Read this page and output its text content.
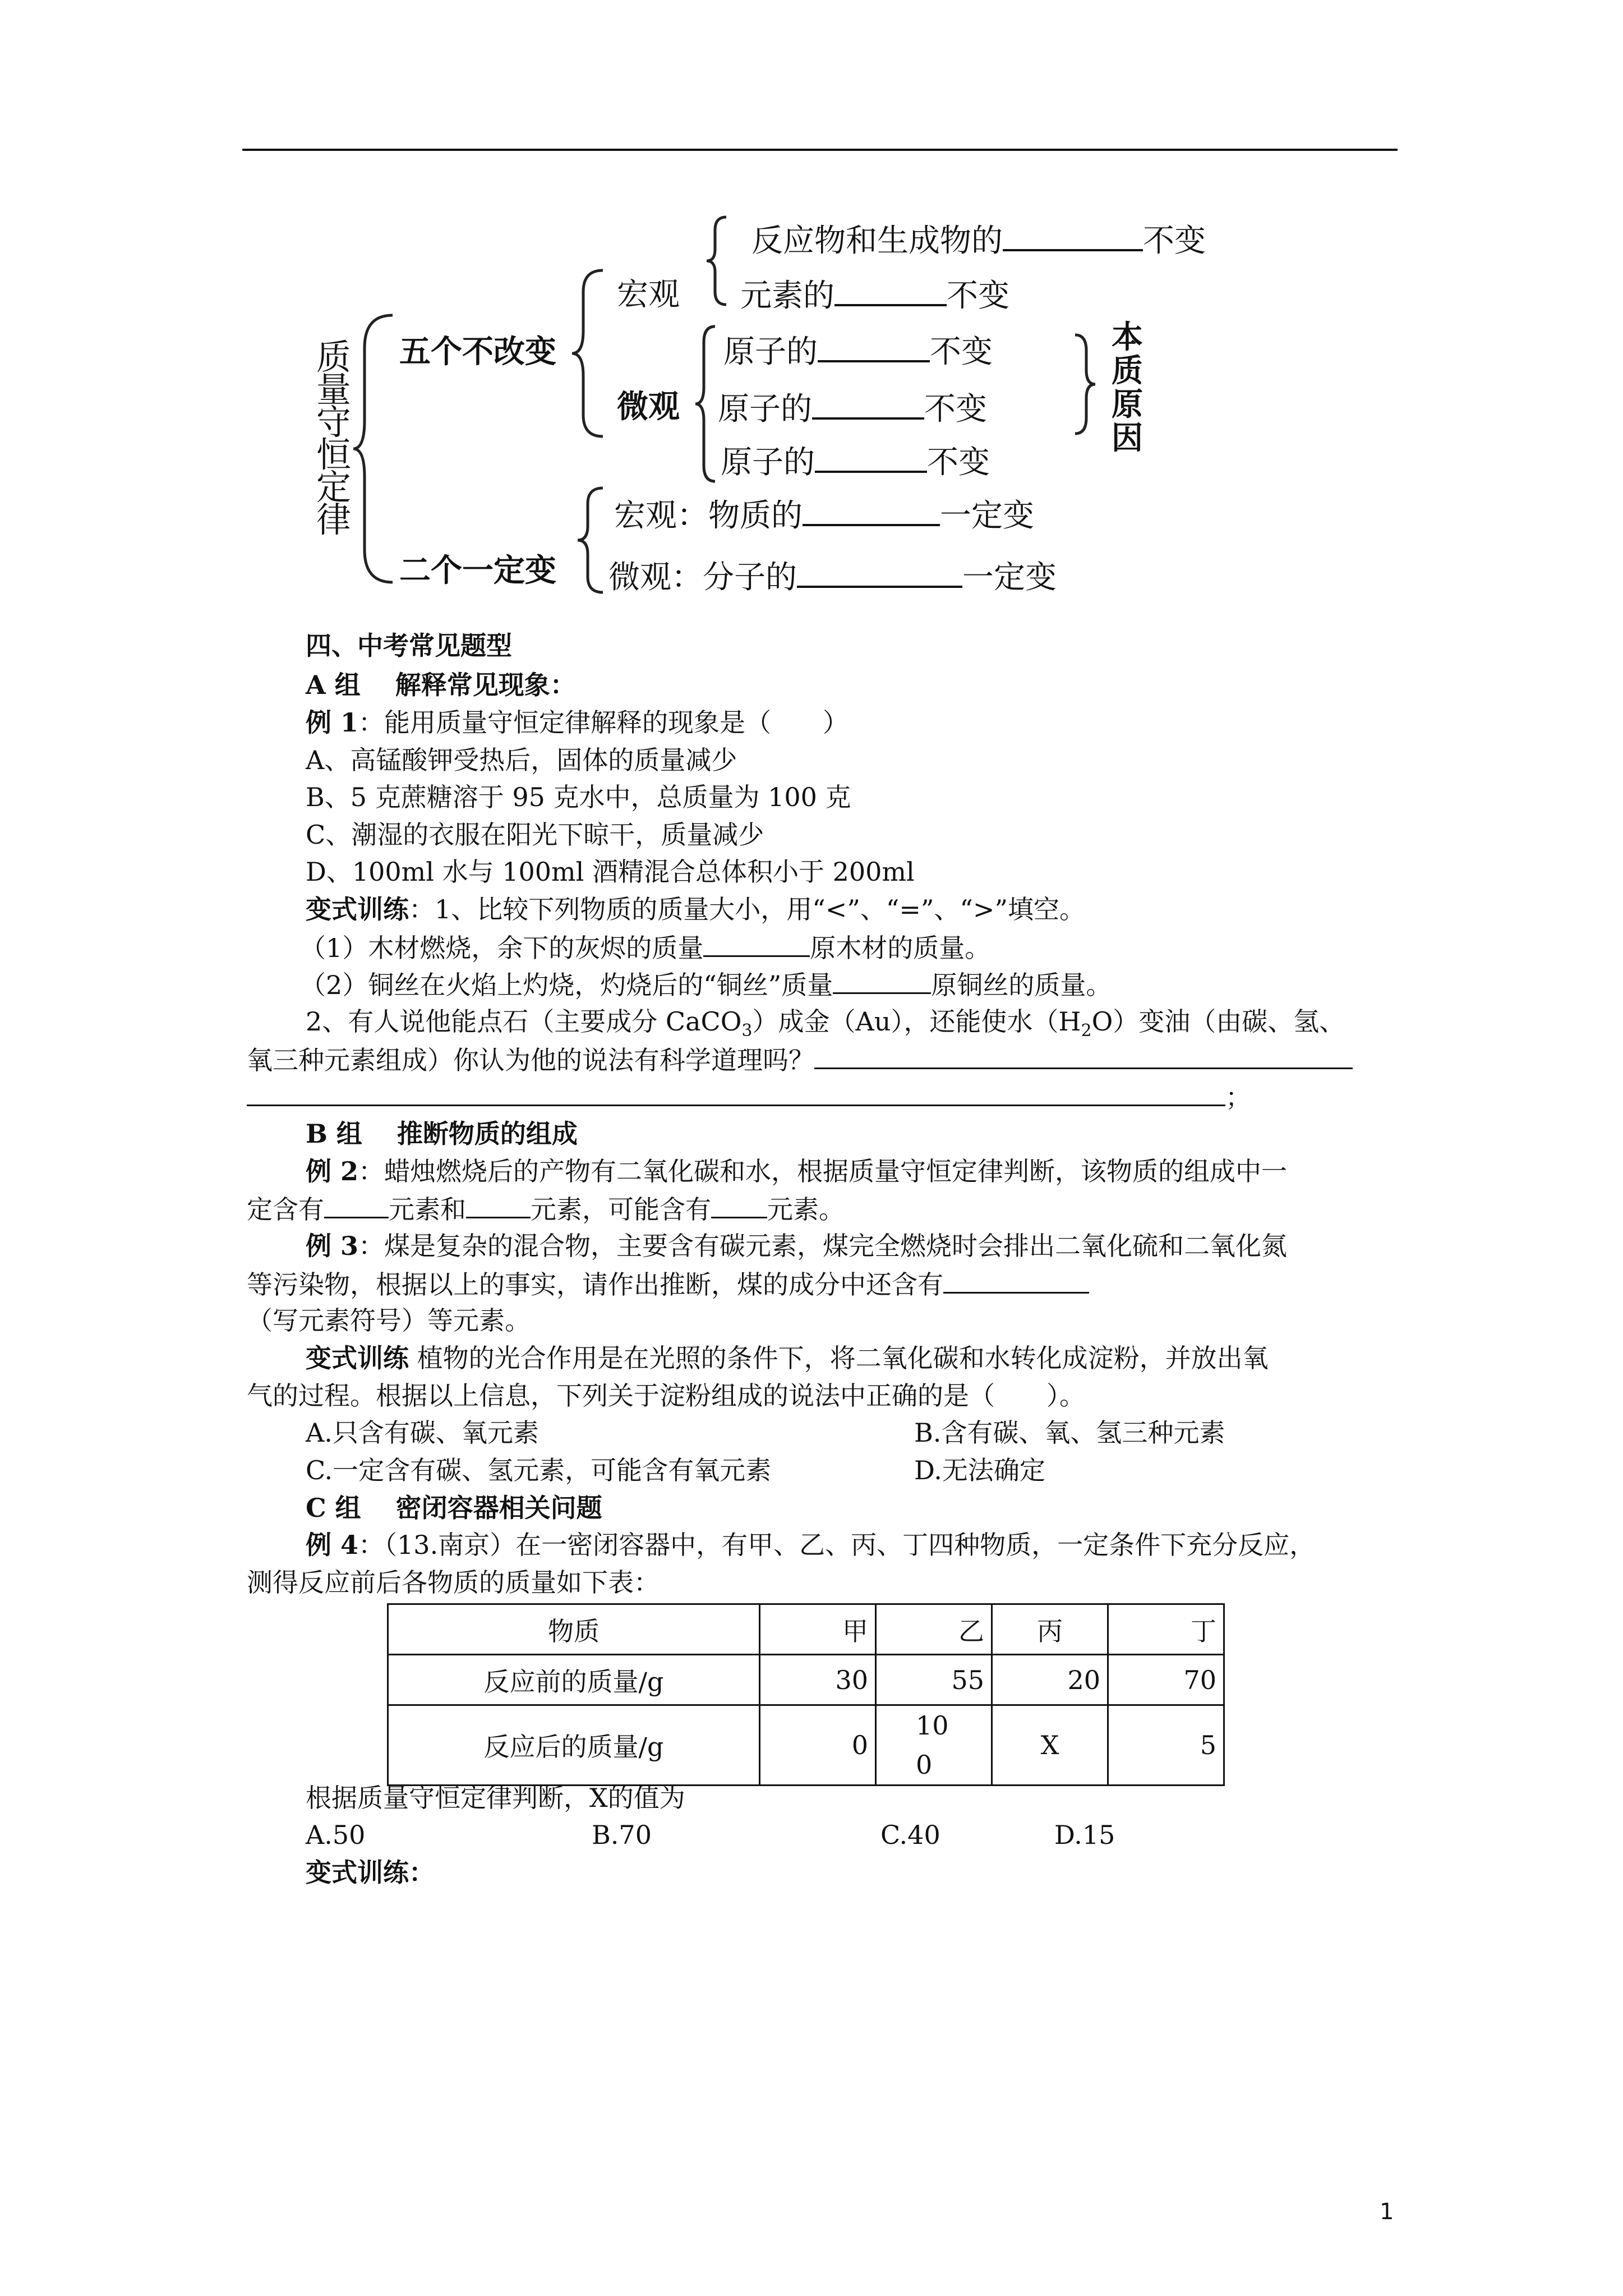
质
量
守
恒
定
律
五个不改变
宏观
反应物和生成物的	不变
元素的	不变
微观
原子的	不变
原子的	不变
原子的	不变
本
质
原
因
二个一定变
宏观：物质的	一定变
微观：分子的	一定变
四、中考常见题型
A 组　 解释常见现象：
例 1：能用质量守恒定律解释的现象是（　　）
A、高锰酸钾受热后，固体的质量减少
B、5 克蔗糖溶于 95 克水中，总质量为 100 克
C、潮湿的衣服在阳光下晾干，质量减少
D、100ml 水与 100ml 酒精混合总体积小于 200ml
变式训练：1、比较下列物质的质量大小，用“<”、“=”、“>”填空。
（1）木材燃烧，余下的灰烬的质量	原木材的质量。
（2）铜丝在火焰上灼烧，灼烧后的“铜丝”质量	原铜丝的质量。
2、有人说他能点石（主要成分 CaCO$_3$）成金（Au），还能使水$(H_2O)$变油（由碳、氢、
氧三种元素组成）你认为他的说法有科学道理吗？
；
B 组　 推断物质的组成
例 2：蜡烛燃烧后的产物有二氧化碳和水，根据质量守恒定律判断，该物质的组成中一
定含有	元素和	元素，可能含有 元素。
例 3：煤是复杂的混合物，主要含有碳元素，煤完全燃烧时会排出二氧化硫和二氧化氮
等污染物，根据以上的事实，请作出推断，煤的成分中还含有
（写元素符号）等元素。
变式训练 植物的光合作用是在光照的条件下，将二氧化碳和水转化成淀粉，并放出氧
气的过程。根据以上信息，下列关于淀粉组成的说法中正确的是（　　）。
A.只含有碳、氧元素	B.含有碳、氧、氢三种元素
C.一定含有碳、氢元素，可能含有氧元素	D.无法确定
C 组　 密闭容器相关问题
例 4：（13.南京）在一密闭容器中，有甲、乙、丙、丁四种物质，一定条件下充分反应，
测得反应前后各物质的质量如下表：
物质	甲	乙	丙	丁
反应前的质量/g	30	55	20	70
反应后的质量/g	0	100	X	5
根据质量守恒定律判断，X的值为
A.50	B.70	C.40	D.15
变式训练：
1
